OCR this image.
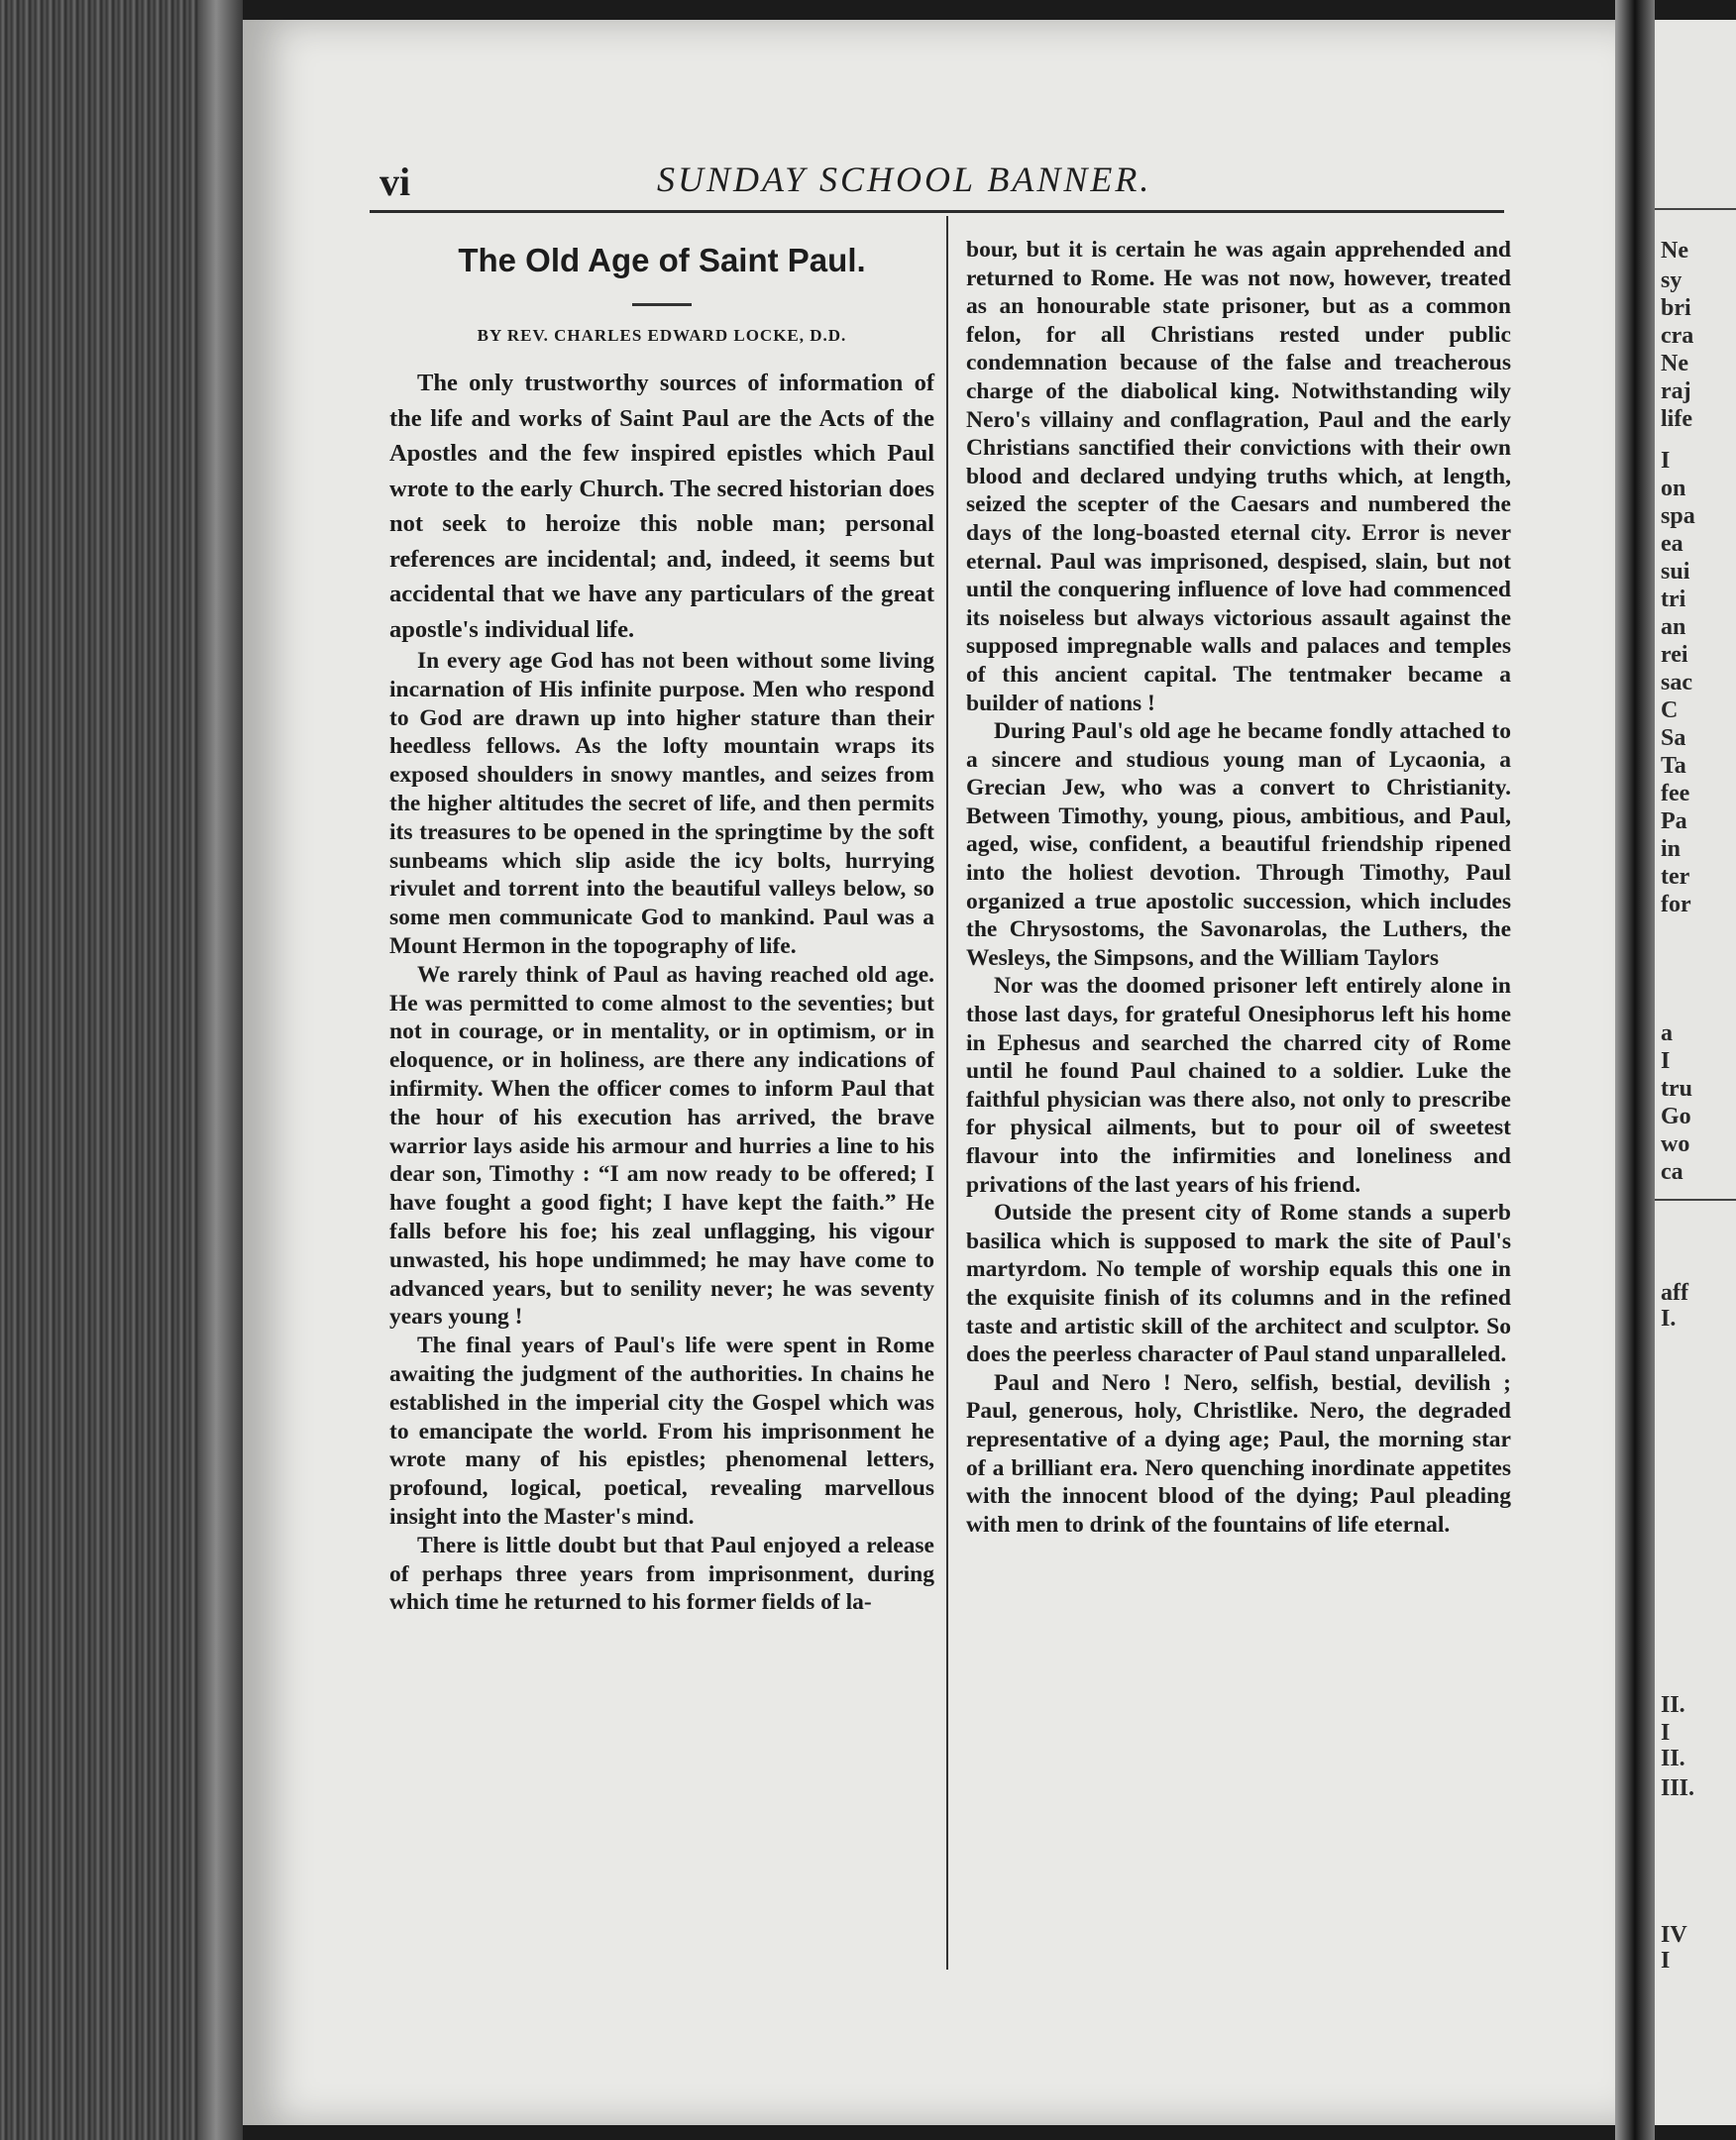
vi	SUNDAY SCHOOL BANNER.
The Old Age of Saint Paul.
BY REV. CHARLES EDWARD LOCKE, D.D.

The only trustworthy sources of information of the life and works of Saint Paul are the Acts of the Apostles and the few inspired epistles which Paul wrote to the early Church. The secred historian does not seek to heroize this noble man; personal references are incidental; and, indeed, it seems but accidental that we have any particulars of the great apostle's individual life.

In every age God has not been without some living incarnation of His infinite purpose. Men who respond to God are drawn up into higher stature than their heedless fellows. As the lofty mountain wraps its exposed shoulders in snowy mantles, and seizes from the higher altitudes the secret of life, and then permits its treasures to be opened in the springtime by the soft sunbeams which slip aside the icy bolts, hurrying rivulet and torrent into the beautiful valleys below, so some men communicate God to mankind. Paul was a Mount Hermon in the topography of life.

We rarely think of Paul as having reached old age. He was permitted to come almost to the seventies; but not in courage, or in mentality, or in optimism, or in eloquence, or in holiness, are there any indications of infirmity. When the officer comes to inform Paul that the hour of his execution has arrived, the brave warrior lays aside his armour and hurries a line to his dear son, Timothy : “I am now ready to be offered; I have fought a good fight; I have kept the faith.” He falls before his foe; his zeal unflagging, his vigour unwasted, his hope undimmed; he may have come to advanced years, but to senility never; he was seventy years young !

The final years of Paul's life were spent in Rome awaiting the judgment of the authorities. In chains he established in the imperial city the Gospel which was to emancipate the world. From his imprisonment he wrote many of his epistles; phenomenal letters, profound, logical, poetical, revealing marvellous insight into the Master's mind.

There is little doubt but that Paul enjoyed a release of perhaps three years from imprisonment, during which time he returned to his former fields of la-

bour, but it is certain he was again apprehended and returned to Rome. He was not now, however, treated as an honourable state prisoner, but as a common felon, for all Christians rested under public condemnation because of the false and treacherous charge of the diabolical king. Notwithstanding wily Nero's villainy and conflagration, Paul and the early Christians sanctified their convictions with their own blood and declared undying truths which, at length, seized the scepter of the Caesars and numbered the days of the long-boasted eternal city. Error is never eternal. Paul was imprisoned, despised, slain, but not until the conquering influence of love had commenced its noiseless but always victorious assault against the supposed impregnable walls and palaces and temples of this ancient capital. The tentmaker became a builder of nations !

During Paul's old age he became fondly attached to a sincere and studious young man of Lycaonia, a Grecian Jew, who was a convert to Christianity. Between Timothy, young, pious, ambitious, and Paul, aged, wise, confident, a beautiful friendship ripened into the holiest devotion. Through Timothy, Paul organized a true apostolic succession, which includes the Chrysostoms, the Savonarolas, the Luthers, the Wesleys, the Simpsons, and the William Taylors

Nor was the doomed prisoner left entirely alone in those last days, for grateful Onesiphorus left his home in Ephesus and searched the charred city of Rome until he found Paul chained to a soldier. Luke the faithful physician was there also, not only to prescribe for physical ailments, but to pour oil of sweetest flavour into the infirmities and loneliness and privations of the last years of his friend.

Outside the present city of Rome stands a superb basilica which is supposed to mark the site of Paul's martyrdom. No temple of worship equals this one in the exquisite finish of its columns and in the refined taste and artistic skill of the architect and sculptor. So does the peerless character of Paul stand unparalleled.

Paul and Nero ! Nero, selfish, bestial, devilish ; Paul, generous, holy, Christlike. Nero, the degraded representative of a dying age; Paul, the morning star of a brilliant era. Nero quenching inordinate appetites with the innocent blood of the dying; Paul pleading with men to drink of the fountains of life eternal.

Ne
sy
bri
cra
Ne
raj
life
I
on
spa
ea
sui
tri
an
rei
sac
C
Sa
Ta
fee
Pa
in
ter
for
a
I
tru
Go
wo
ca
aff
I.
II.
I
II.
III.
IV
I
